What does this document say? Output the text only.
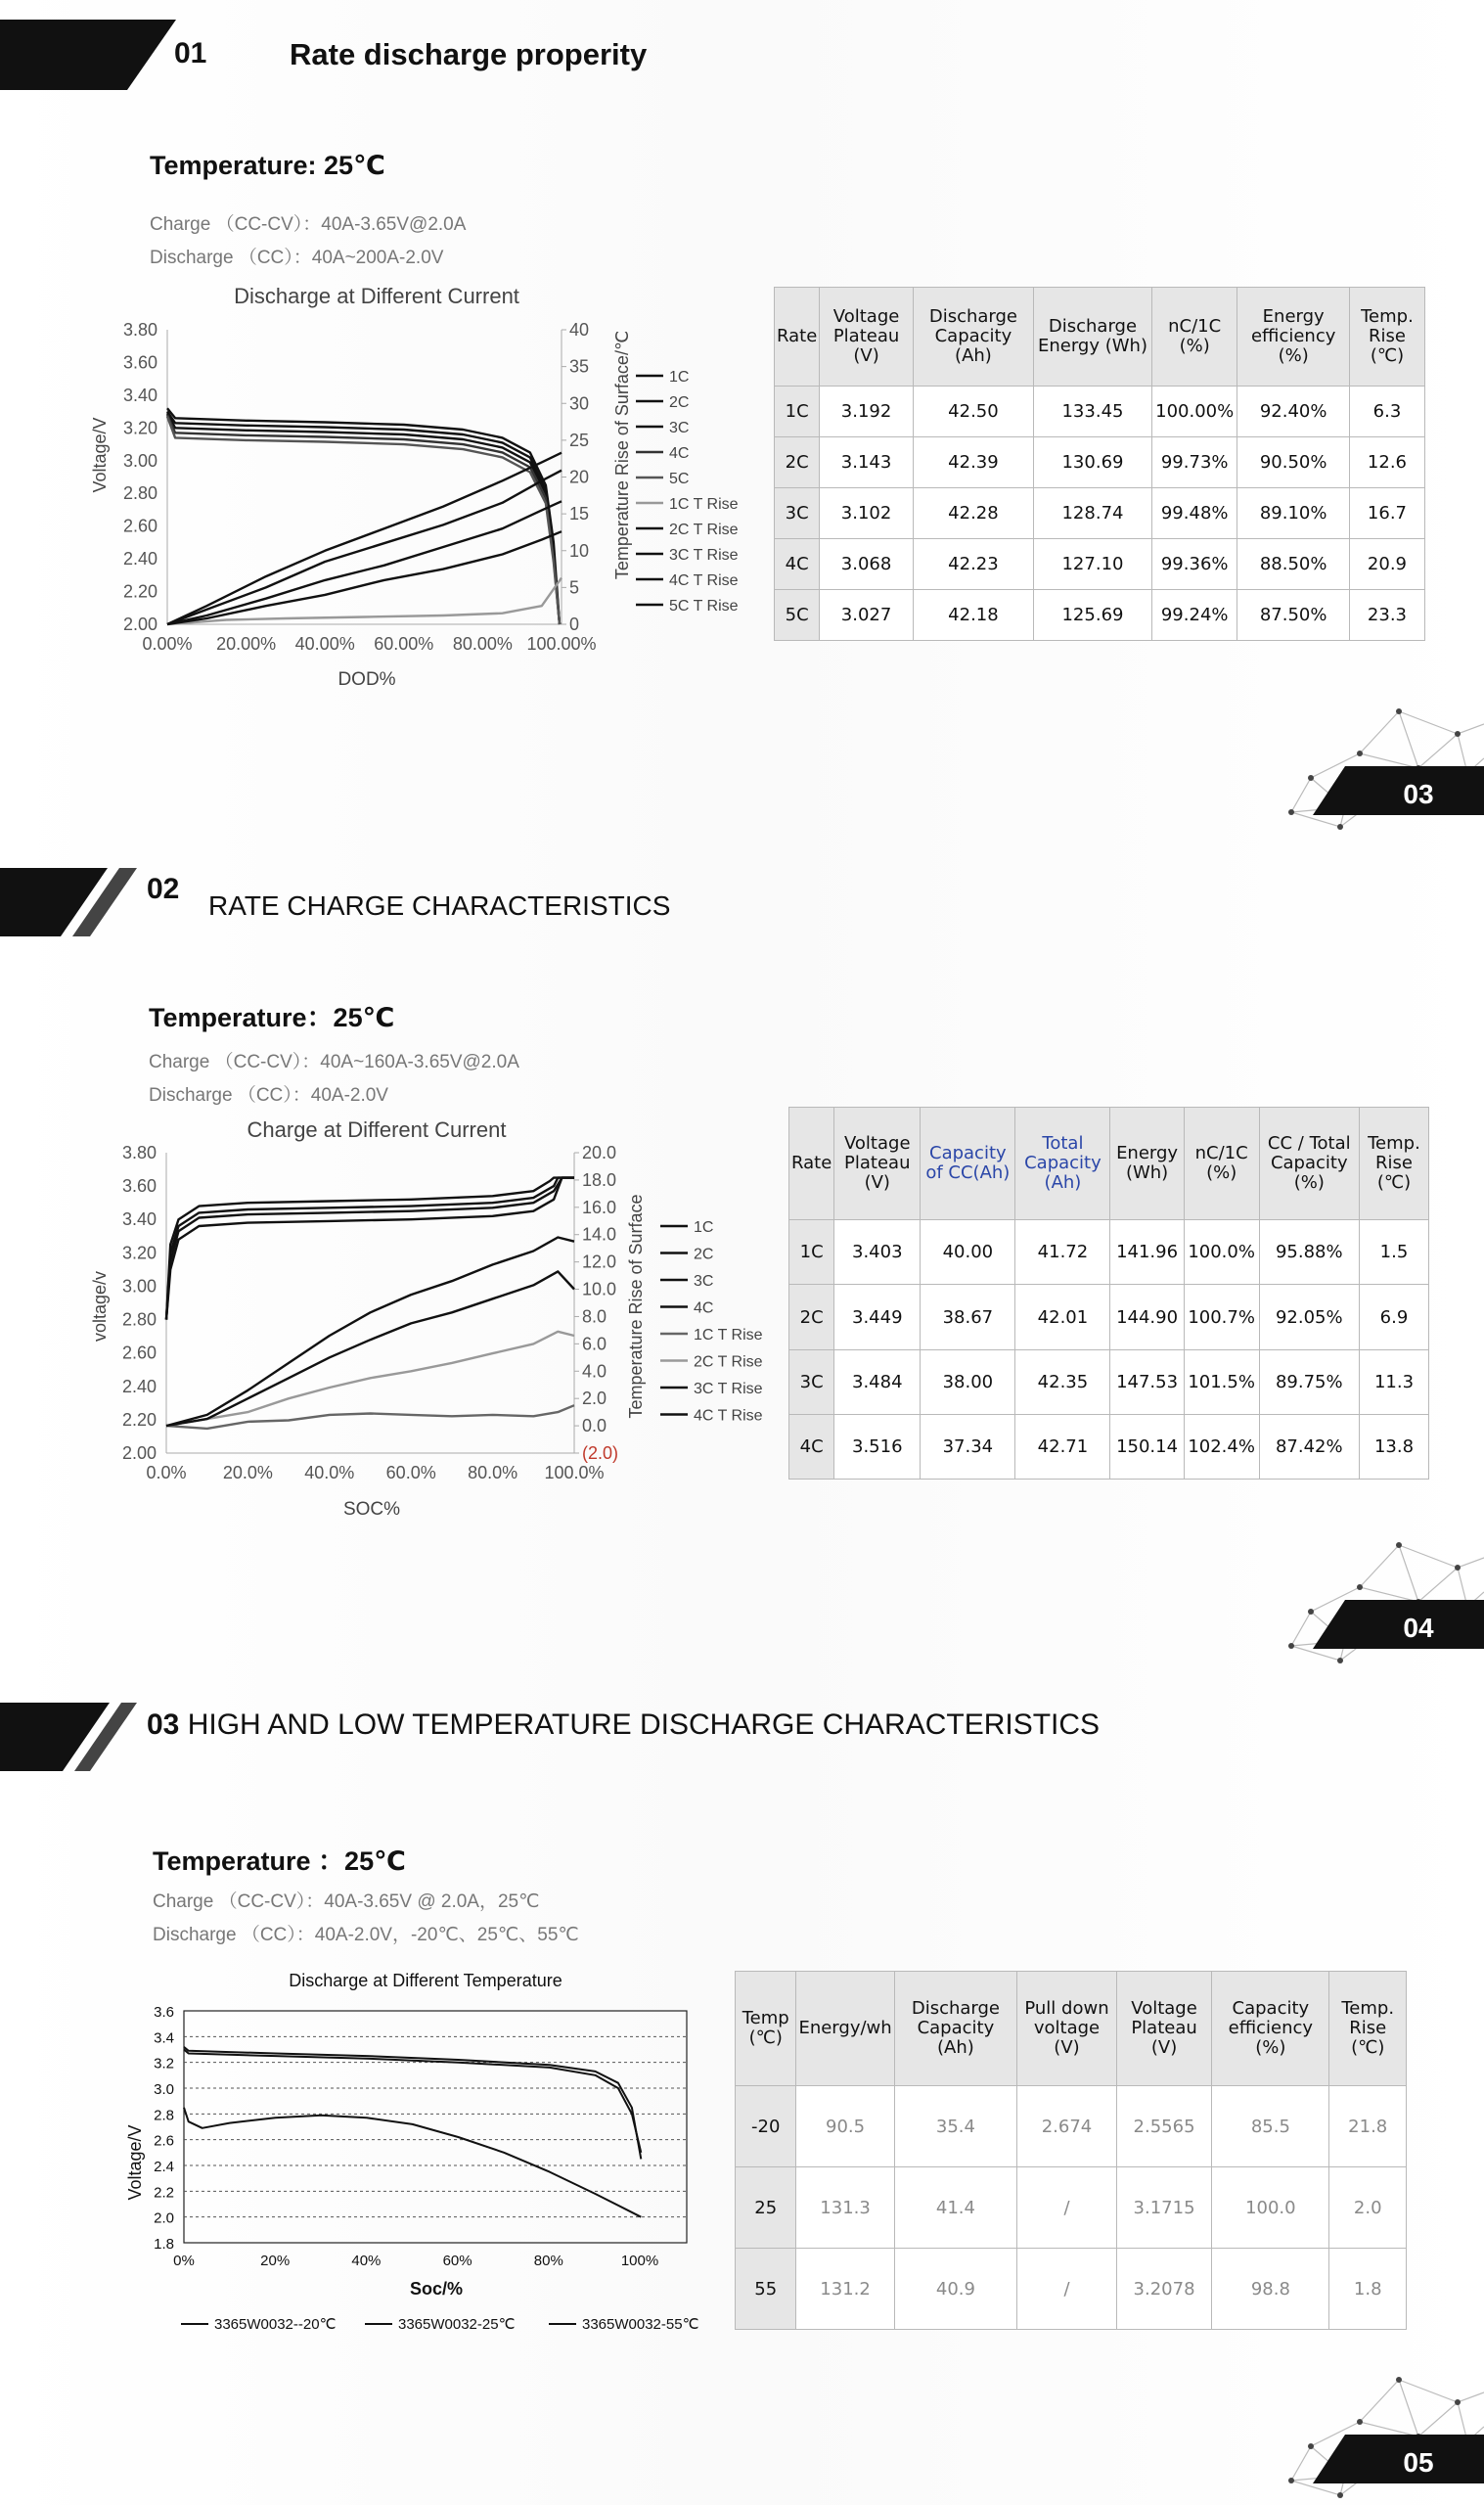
01	Rate discharge properity
Temperature: 25℃
Charge （CC-CV）：40A-3.65V@2.0A
Discharge （CC）：40A~200A-2.0V
Discharge at Different Current
2.00
2.20
2.40
2.60
2.80
3.00
3.20
3.40
3.60
3.80
0
5
10
15
20
25
30
35
40
0.00% 20.00% 40.00% 60.00% 80.00% 100.00%
1C
2C
3C
4C
5C
1C T Rise
2C T Rise
3C T Rise
4C T Rise
5C T Rise
DOD%
Voltage/V	Temperature Rise of Surface/℃	Rate	Voltage Plateau (V)	Discharge Capacity (Ah)	Discharge Energy (Wh)	nC/1C (%)	Energy efficiency (%)	Temp. Rise (℃)
1C	3.192	42.50	133.45	100.00%	92.40%	6.3
2C	3.143	42.39	130.69	99.73%	90.50%	12.6
3C	3.102	42.28	128.74	99.48%	89.10%	16.7
4C	3.068	42.23	127.10	99.36%	88.50%	20.9
5C	3.027	42.18	125.69	99.24%	87.50%	23.3
03
02
RATE CHARGE CHARACTERISTICS
Temperature：25℃
Charge （CC-CV）：40A~160A-3.65V@2.0A
Discharge （CC）：40A-2.0V
Charge at Different Current
2.00
2.20
2.40
2.60
2.80
3.00
3.20
3.40
3.60
3.80
(2.0)
0.0
2.0
4.0
6.0
8.0
10.0
12.0
14.0
16.0
18.0
20.0
0.0% 20.0% 40.0% 60.0% 80.0% 100.0%
1C
2C
3C
4C
1C T Rise
2C T Rise
3C T Rise
4C T Rise
SOC%
voltage/v	Temperature Rise of Surface
Rate	Voltage Plateau (V)	Capacity of CC(Ah)	Total Capacity (Ah)	Energy (Wh)	nC/1C (%)	CC / Total Capacity (%)	Temp. Rise (℃)
1C	3.403	40.00	41.72	141.96	100.0%	95.88%	1.5
2C	3.449	38.67	42.01	144.90	100.7%	92.05%	6.9
3C	3.484	38.00	42.35	147.53	101.5%	89.75%	11.3
4C	3.516	37.34	42.71	150.14	102.4%	87.42%	13.8
04
03 HIGH AND LOW TEMPERATURE DISCHARGE CHARACTERISTICS
Temperature ：25℃
Charge （CC-CV）：40A-3.65V @ 2.0A，25℃
Discharge （CC）：40A-2.0V，-20℃、25℃、55℃
Discharge at Different Temperature
1.8
2.0
2.2
2.4
2.6
2.8
3.0
3.2
3.4
3.6
0%	20%	40%	60%	80%	100%
3365W0032--20℃	3365W0032-25℃	3365W0032-55℃
Soc/%
Voltage/V
Temp (℃)	Energy/wh	Discharge Capacity (Ah)	Pull down voltage (V)	Voltage Plateau (V)	Capacity efficiency (%)	Temp. Rise (℃)
-20	90.5	35.4	2.674	2.5565	85.5	21.8
25	131.3	41.4	/	3.1715	100.0	2.0
55	131.2	40.9	/	3.2078	98.8	1.8
05
